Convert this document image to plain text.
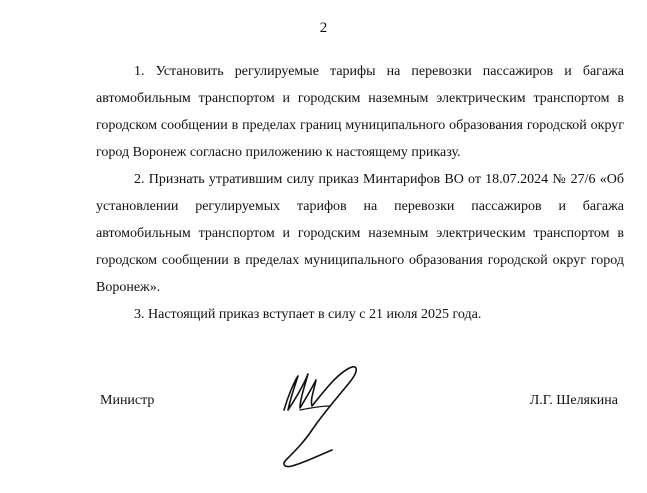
2

1. Установить регулируемые тарифы на перевозки пассажиров и багажа автомобильным транспортом и городским наземным электрическим транспортом в городском сообщении в пределах границ муниципального образования городской округ город Воронеж согласно приложению к настоящему приказу.

2. Признать утратившим силу приказ Минтарифов ВО от 18.07.2024 № 27/6 «Об установлении регулируемых тарифов на перевозки пассажиров и багажа автомобильным транспортом и городским наземным электрическим транспортом в городском сообщении в пределах муниципального образования городской округ город Воронеж».

3. Настоящий приказ вступает в силу с 21 июля 2025 года.

Министр	Л.Г. Шелякина
